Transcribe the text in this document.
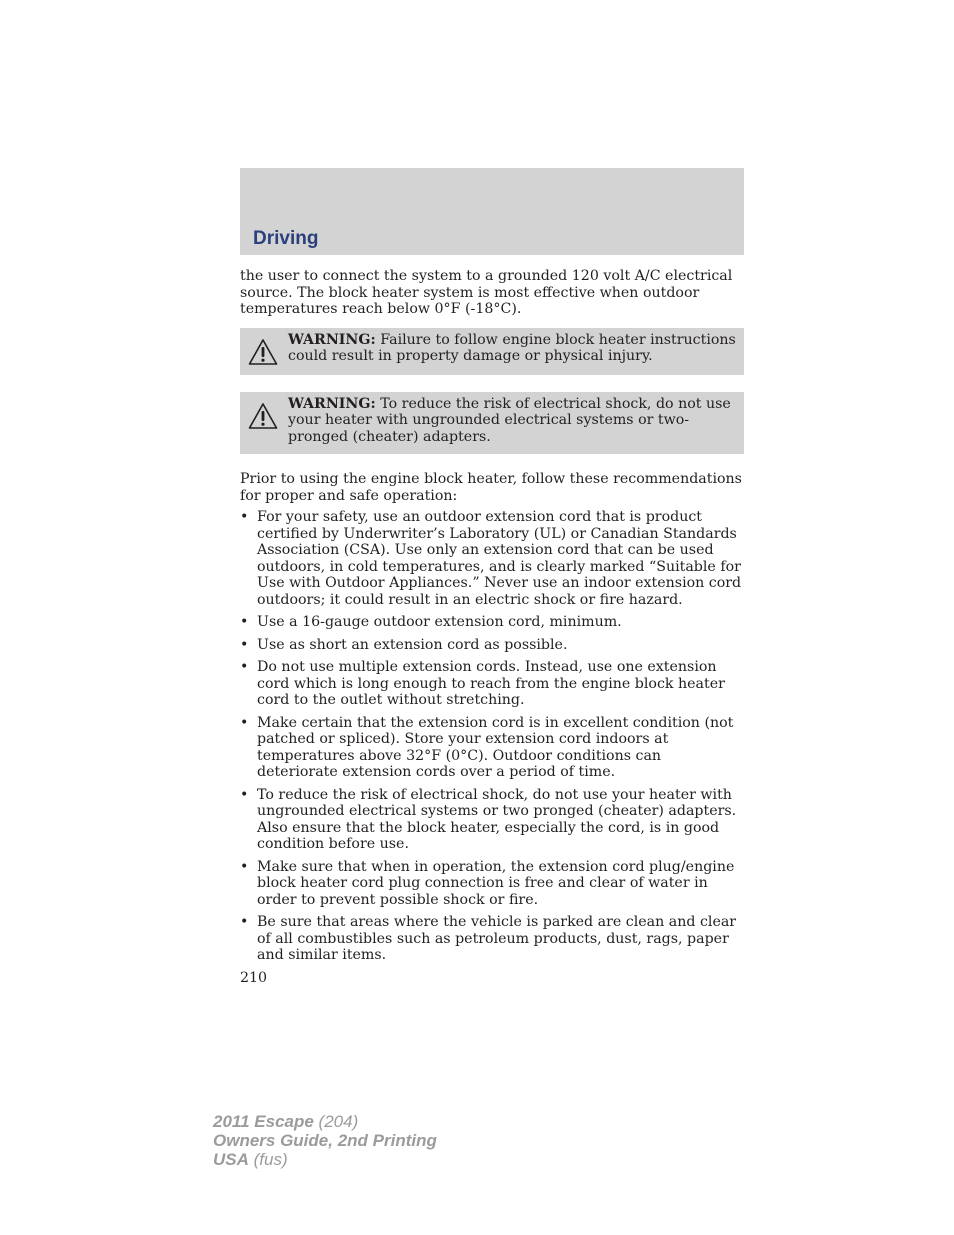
Driving

the user to connect the system to a grounded 120 volt A/C electrical source. The block heater system is most effective when outdoor temperatures reach below 0°F (-18°C).

WARNING: Failure to follow engine block heater instructions could result in property damage or physical injury.
WARNING: To reduce the risk of electrical shock, do not use your heater with ungrounded electrical systems or two-pronged (cheater) adapters.

Prior to using the engine block heater, follow these recommendations for proper and safe operation:

• For your safety, use an outdoor extension cord that is product certified by Underwriter’s Laboratory (UL) or Canadian Standards Association (CSA). Use only an extension cord that can be used outdoors, in cold temperatures, and is clearly marked “Suitable for Use with Outdoor Appliances.” Never use an indoor extension cord outdoors; it could result in an electric shock or fire hazard.
• Use a 16-gauge outdoor extension cord, minimum.
• Use as short an extension cord as possible.
• Do not use multiple extension cords. Instead, use one extension cord which is long enough to reach from the engine block heater cord to the outlet without stretching.
• Make certain that the extension cord is in excellent condition (not patched or spliced). Store your extension cord indoors at temperatures above 32°F (0°C). Outdoor conditions can deteriorate extension cords over a period of time.
• To reduce the risk of electrical shock, do not use your heater with ungrounded electrical systems or two pronged (cheater) adapters. Also ensure that the block heater, especially the cord, is in good condition before use.
• Make sure that when in operation, the extension cord plug/engine block heater cord plug connection is free and clear of water in order to prevent possible shock or fire.
• Be sure that areas where the vehicle is parked are clean and clear of all combustibles such as petroleum products, dust, rags, paper and similar items.

210

2011 Escape (204)
Owners Guide, 2nd Printing
USA (fus)
